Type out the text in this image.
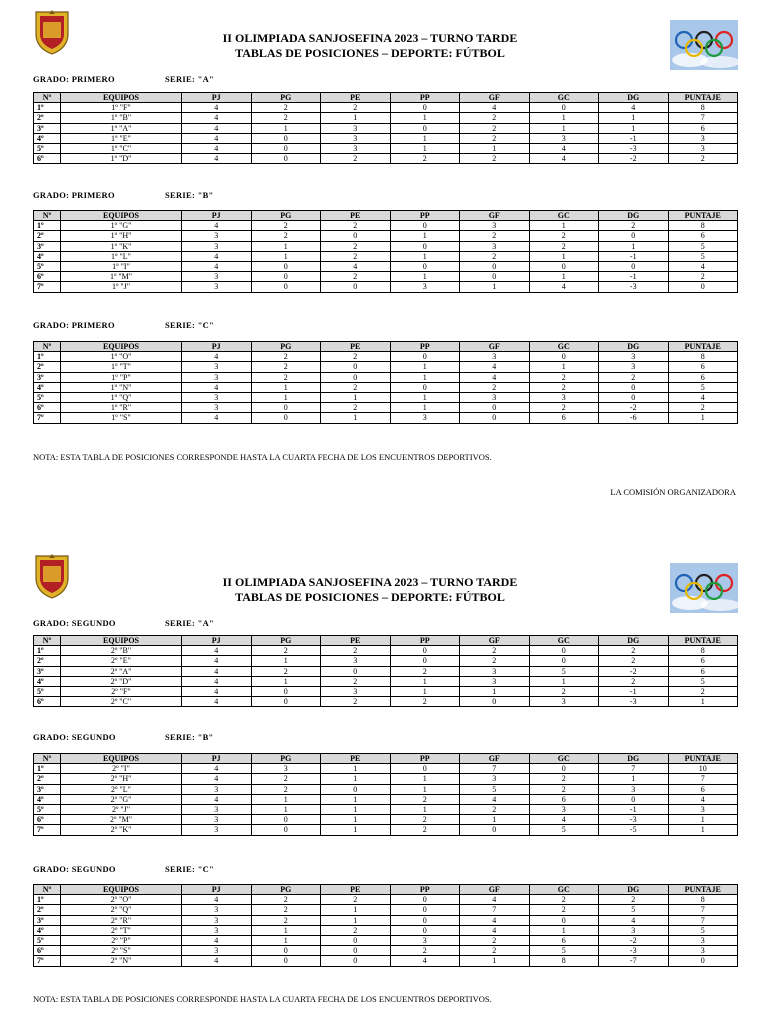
II OLIMPIADA SANJOSEFINA 2023 – TURNO TARDE
TABLAS DE POSICIONES – DEPORTE: FÚTBOL
GRADO: PRIMERO	SERIE: "A"
Nº	EQUIPOS	PJ	PG	PE	PP	GF	GC	DG	PUNTAJE
1º	1º "F"	4	2	2	0	4	0	4	8
2º	1º "B"	4	2	1	1	2	1	1	7
3º	1º "A"	4	1	3	0	2	1	1	6
4º	1º "E"	4	0	3	1	2	3	-1	3
5º	1º "C"	4	0	3	1	1	4	-3	3
6º	1º "D"	4	0	2	2	2	4	-2	2
GRADO: PRIMERO	SERIE: "B"
Nº	EQUIPOS	PJ	PG	PE	PP	GF	GC	DG	PUNTAJE
1º	1º "G"	4	2	2	0	3	1	2	8
2º	1º "H"	3	2	0	1	2	2	0	6
3º	1º "K"	3	1	2	0	3	2	1	5
4º	1º "L"	4	1	2	1	2	1	-1	5
5º	1º "I"	4	0	4	0	0	0	0	4
6º	1º "M"	3	0	2	1	0	1	-1	2
7º	1º "J"	3	0	0	3	1	4	-3	0
GRADO: PRIMERO	SERIE: "C"
Nº	EQUIPOS	PJ	PG	PE	PP	GF	GC	DG	PUNTAJE
1º	1º "O"	4	2	2	0	3	0	3	8
2º	1º "T"	3	2	0	1	4	1	3	6
3º	1º "P"	3	2	0	1	4	2	2	6
4º	1º "N"	4	1	2	0	2	2	0	5
5º	1º "Q"	3	1	1	1	3	3	0	4
6º	1º "R"	3	0	2	1	0	2	-2	2
7º	1º "S"	4	0	1	3	0	6	-6	1
NOTA: ESTA TABLA DE POSICIONES CORRESPONDE HASTA LA CUARTA FECHA DE LOS ENCUENTROS DEPORTIVOS.
LA COMISIÓN ORGANIZADORA
II OLIMPIADA SANJOSEFINA 2023 – TURNO TARDE
TABLAS DE POSICIONES – DEPORTE: FÚTBOL
GRADO: SEGUNDO	SERIE: "A"
Nº	EQUIPOS	PJ	PG	PE	PP	GF	GC	DG	PUNTAJE
1º	2º "B"	4	2	2	0	2	0	2	8
2º	2º "E"	4	1	3	0	2	0	2	6
3º	2º "A"	4	2	0	2	3	5	-2	6
4º	2º "D"	4	1	2	1	3	1	2	5
5º	2º "F"	4	0	3	1	1	2	-1	2
6º	2º "C"	4	0	2	2	0	3	-3	1
GRADO: SEGUNDO	SERIE: "B"
Nº	EQUIPOS	PJ	PG	PE	PP	GF	GC	DG	PUNTAJE
1º	2º "I"	4	3	1	0	7	0	7	10
2º	2º "H"	4	2	1	1	3	2	1	7
3º	2º "L"	3	2	0	1	5	2	3	6
4º	2º "G"	4	1	1	2	4	6	0	4
5º	2º "J"	3	1	1	1	2	3	-1	3
6º	2º "M"	3	0	1	2	1	4	-3	1
7º	2º "K"	3	0	1	2	0	5	-5	1
GRADO: SEGUNDO	SERIE: "C"
Nº	EQUIPOS	PJ	PG	PE	PP	GF	GC	DG	PUNTAJE
1º	2º "O"	4	2	2	0	4	2	2	8
2º	2º "Q"	3	2	1	0	7	2	5	7
3º	2º "R"	3	2	1	0	4	0	4	7
4º	2º "T"	3	1	2	0	4	1	3	5
5º	2º "P"	4	1	0	3	2	6	-2	3
6º	2º "S"	3	0	0	2	2	5	-3	3
7º	2º "N"	4	0	0	4	1	8	-7	0
NOTA: ESTA TABLA DE POSICIONES CORRESPONDE HASTA LA CUARTA FECHA DE LOS ENCUENTROS DEPORTIVOS.
